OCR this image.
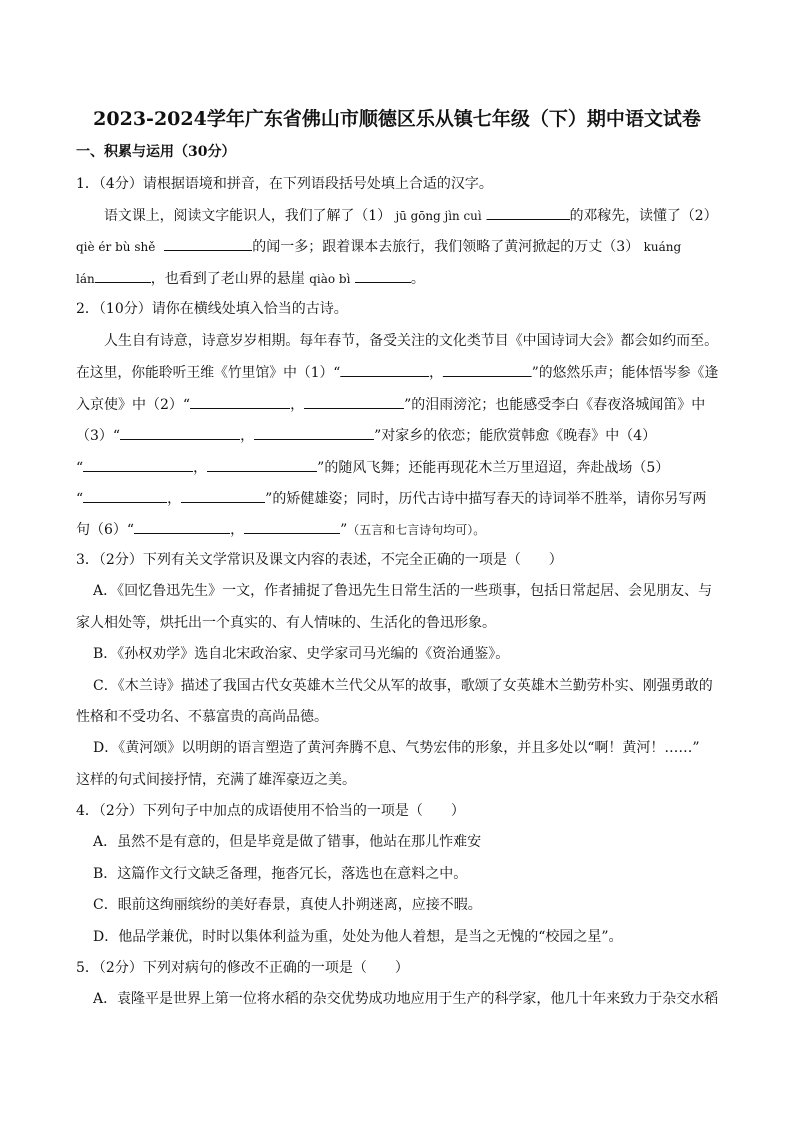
2023-2024学年广东省佛山市顺德区乐从镇七年级（下）期中语文试卷
一、积累与运用（30分）
1．（4分）请根据语境和拼音，在下列语段括号处填上合适的汉字。
语文课上，阅读文字能识人，我们了解了（1） jū gōng jìn cuì	的邓稼先，读懂了（2）
qiè ér bù shě	的闻一多；跟着课本去旅行，我们领略了黄河掀起的万丈（3） kuáng
lán	，也看到了老山界的悬崖 qiào bì	。
2．（10分）请你在横线处填入恰当的古诗。
人生自有诗意，诗意岁岁相期。每年春节，备受关注的文化类节目《中国诗词大会》都会如约而至。
在这里，你能聆听王维《竹里馆》中（1）“	，	”的悠然乐声；能体悟岑参《逢
入京使》中（2）“	，	”的泪雨滂沱；也能感受李白《春夜洛城闻笛》中
（3）“	，	”对家乡的依恋；能欣赏韩愈《晚春》中（4）
“	，	”的随风飞舞；还能再现花木兰万里迢迢，奔赴战场（5）
“	，	”的矫健雄姿；同时，历代古诗中描写春天的诗词举不胜举，请你另写两
句（6）“	，	”（五言和七言诗句均可）。
3．（2分）下列有关文学常识及课文内容的表述，不完全正确的一项是（　　）
A．《回忆鲁迅先生》一文，作者捕捉了鲁迅先生日常生活的一些琐事，包括日常起居、会见朋友、与
家人相处等，烘托出一个真实的、有人情味的、生活化的鲁迅形象。
B．《孙权劝学》选自北宋政治家、史学家司马光编的《资治通鉴》。
C．《木兰诗》描述了我国古代女英雄木兰代父从军的故事，歌颂了女英雄木兰勤劳朴实、刚强勇敢的
性格和不受功名、不慕富贵的高尚品德。
D．《黄河颂》以明朗的语言塑造了黄河奔腾不息、气势宏伟的形象，并且多处以“啊！黄河！……”
这样的句式间接抒情，充满了雄浑豪迈之美。
4．（2分）下列句子中加点的成语使用不恰当的一项是（　　）
A．虽然不是有意的，但是毕竟是做了错事，他站在那儿怍难安
B．这篇作文行文缺乏备理，拖沓冗长，落选也在意料之中。
C．眼前这绚丽缤纷的美好春景，真使人扑朔迷离，应接不暇。
D．他品学兼优，时时以集体利益为重，处处为他人着想，是当之无愧的“校园之星”。
5．（2分）下列对病句的修改不正确的一项是（　　）
A．袁隆平是世界上第一位将水稻的杂交优势成功地应用于生产的科学家，他几十年来致力于杂交水稻
